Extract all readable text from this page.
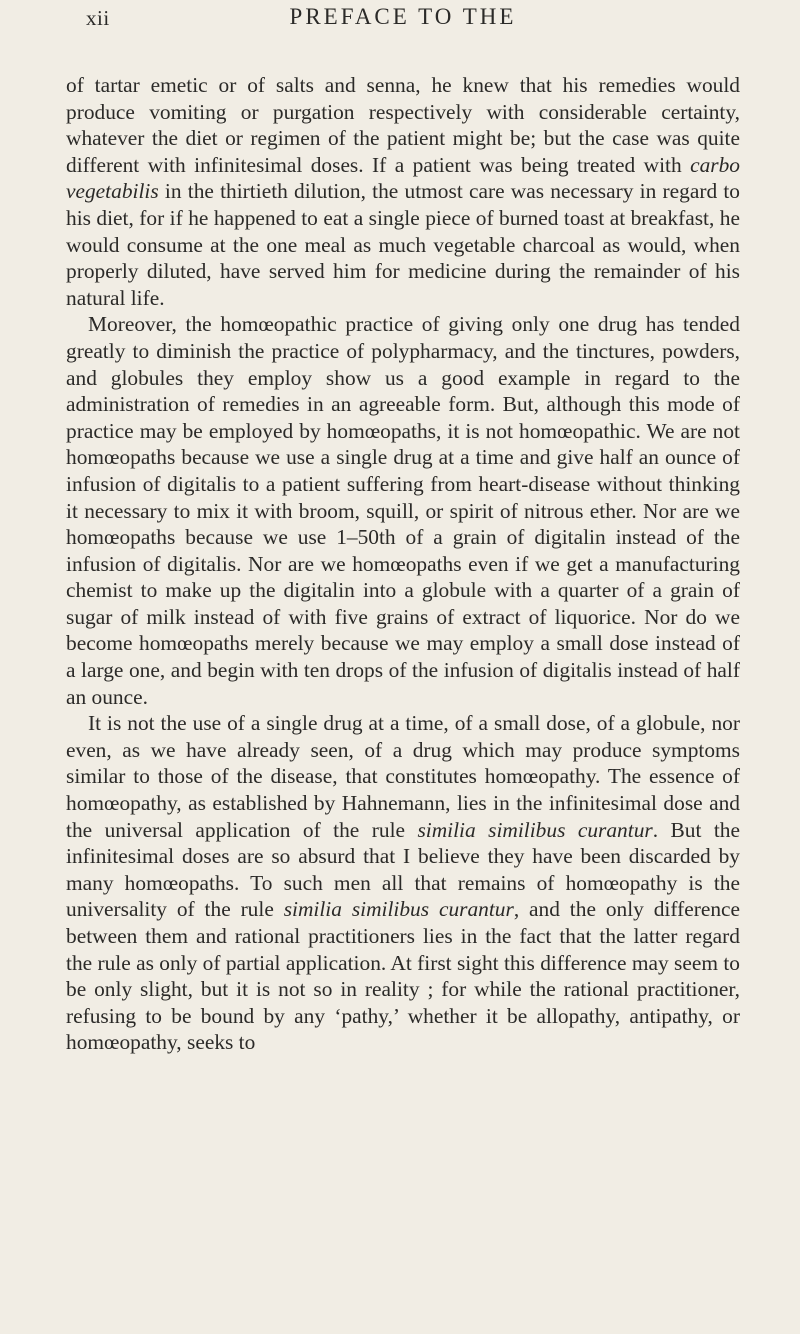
xii	PREFACE TO THE

of tartar emetic or of salts and senna, he knew that his remedies would produce vomiting or purgation respectively with considerable certainty, whatever the diet or regimen of the patient might be; but the case was quite different with infinitesimal doses. If a patient was being treated with carbo vegetabilis in the thirtieth dilution, the utmost care was necessary in regard to his diet, for if he happened to eat a single piece of burned toast at breakfast, he would consume at the one meal as much vegetable charcoal as would, when properly diluted, have served him for medicine during the remainder of his natural life.

Moreover, the homœopathic practice of giving only one drug has tended greatly to diminish the practice of polypharmacy, and the tinctures, powders, and globules they employ show us a good example in regard to the administration of remedies in an agreeable form. But, although this mode of practice may be employed by homœopaths, it is not homœopathic. We are not homœopaths because we use a single drug at a time and give half an ounce of infusion of digitalis to a patient suffering from heart-disease without thinking it necessary to mix it with broom, squill, or spirit of nitrous ether. Nor are we homœopaths because we use 1–50th of a grain of digitalin instead of the infusion of digitalis. Nor are we homœopaths even if we get a manufacturing chemist to make up the digitalin into a globule with a quarter of a grain of sugar of milk instead of with five grains of extract of liquorice. Nor do we become homœopaths merely because we may employ a small dose instead of a large one, and begin with ten drops of the infusion of digitalis instead of half an ounce.

It is not the use of a single drug at a time, of a small dose, of a globule, nor even, as we have already seen, of a drug which may produce symptoms similar to those of the disease, that constitutes homœopathy. The essence of homœopathy, as established by Hahnemann, lies in the infinitesimal dose and the universal application of the rule similia similibus curantur. But the infinitesimal doses are so absurd that I believe they have been discarded by many homœopaths. To such men all that remains of homœopathy is the universality of the rule similia similibus curantur, and the only difference between them and rational practitioners lies in the fact that the latter regard the rule as only of partial application. At first sight this difference may seem to be only slight, but it is not so in reality ; for while the rational practitioner, refusing to be bound by any ‘pathy,’ whether it be allopathy, antipathy, or homœopathy, seeks to
